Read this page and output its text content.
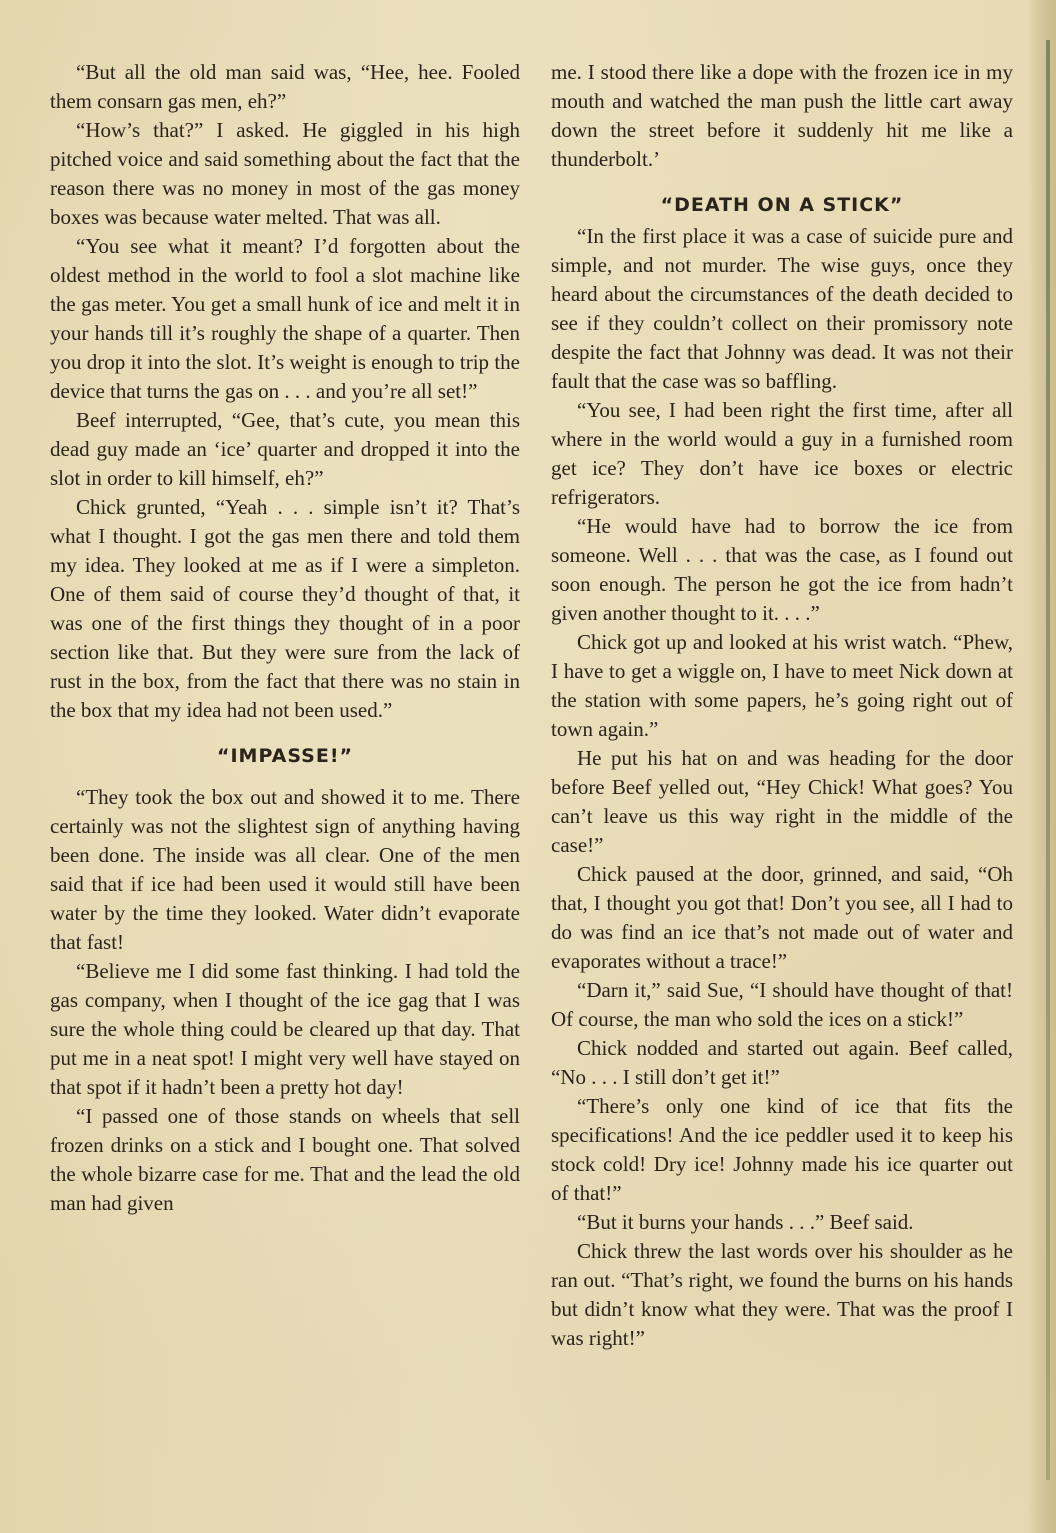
“But all the old man said was, “Hee, hee. Fooled them consarn gas men, eh?”

“How’s that?” I asked. He giggled in his high pitched voice and said something about the fact that the reason there was no money in most of the gas money boxes was because water melted. That was all.

“You see what it meant? I’d forgotten about the oldest method in the world to fool a slot machine like the gas meter. You get a small hunk of ice and melt it in your hands till it’s roughly the shape of a quarter. Then you drop it into the slot. It’s weight is enough to trip the device that turns the gas on . . . and you’re all set!”

Beef interrupted, “Gee, that’s cute, you mean this dead guy made an ‘ice’ quarter and dropped it into the slot in order to kill himself, eh?”

Chick grunted, “Yeah . . . simple isn’t it? That’s what I thought. I got the gas men there and told them my idea. They looked at me as if I were a simpleton. One of them said of course they’d thought of that, it was one of the first things they thought of in a poor section like that. But they were sure from the lack of rust in the box, from the fact that there was no stain in the box that my idea had not been used.”

“IMPASSE!”

“They took the box out and showed it to me. There certainly was not the slightest sign of anything having been done. The inside was all clear. One of the men said that if ice had been used it would still have been water by the time they looked. Water didn’t evaporate that fast!

“Believe me I did some fast thinking. I had told the gas company, when I thought of the ice gag that I was sure the whole thing could be cleared up that day. That put me in a neat spot! I might very well have stayed on that spot if it hadn’t been a pretty hot day!

“I passed one of those stands on wheels that sell frozen drinks on a stick and I bought one. That solved the whole bizarre case for me. That and the lead the old man had given

me. I stood there like a dope with the frozen ice in my mouth and watched the man push the little cart away down the street before it suddenly hit me like a thunderbolt.’

“DEATH ON A STICK”

“In the first place it was a case of suicide pure and simple, and not murder. The wise guys, once they heard about the circumstances of the death decided to see if they couldn’t collect on their promissory note despite the fact that Johnny was dead. It was not their fault that the case was so baffling.

“You see, I had been right the first time, after all where in the world would a guy in a furnished room get ice? They don’t have ice boxes or electric refrigerators.

“He would have had to borrow the ice from someone. Well . . . that was the case, as I found out soon enough. The person he got the ice from hadn’t given another thought to it. . . .”

Chick got up and looked at his wrist watch. “Phew, I have to get a wiggle on, I have to meet Nick down at the station with some papers, he’s going right out of town again.”

He put his hat on and was heading for the door before Beef yelled out, “Hey Chick! What goes? You can’t leave us this way right in the middle of the case!”

Chick paused at the door, grinned, and said, “Oh that, I thought you got that! Don’t you see, all I had to do was find an ice that’s not made out of water and evaporates without a trace!”

“Darn it,” said Sue, “I should have thought of that! Of course, the man who sold the ices on a stick!”

Chick nodded and started out again. Beef called, “No . . . I still don’t get it!”

“There’s only one kind of ice that fits the specifications! And the ice peddler used it to keep his stock cold! Dry ice! Johnny made his ice quarter out of that!”

“But it burns your hands . . .” Beef said.

Chick threw the last words over his shoulder as he ran out. “That’s right, we found the burns on his hands but didn’t know what they were. That was the proof I was right!”
